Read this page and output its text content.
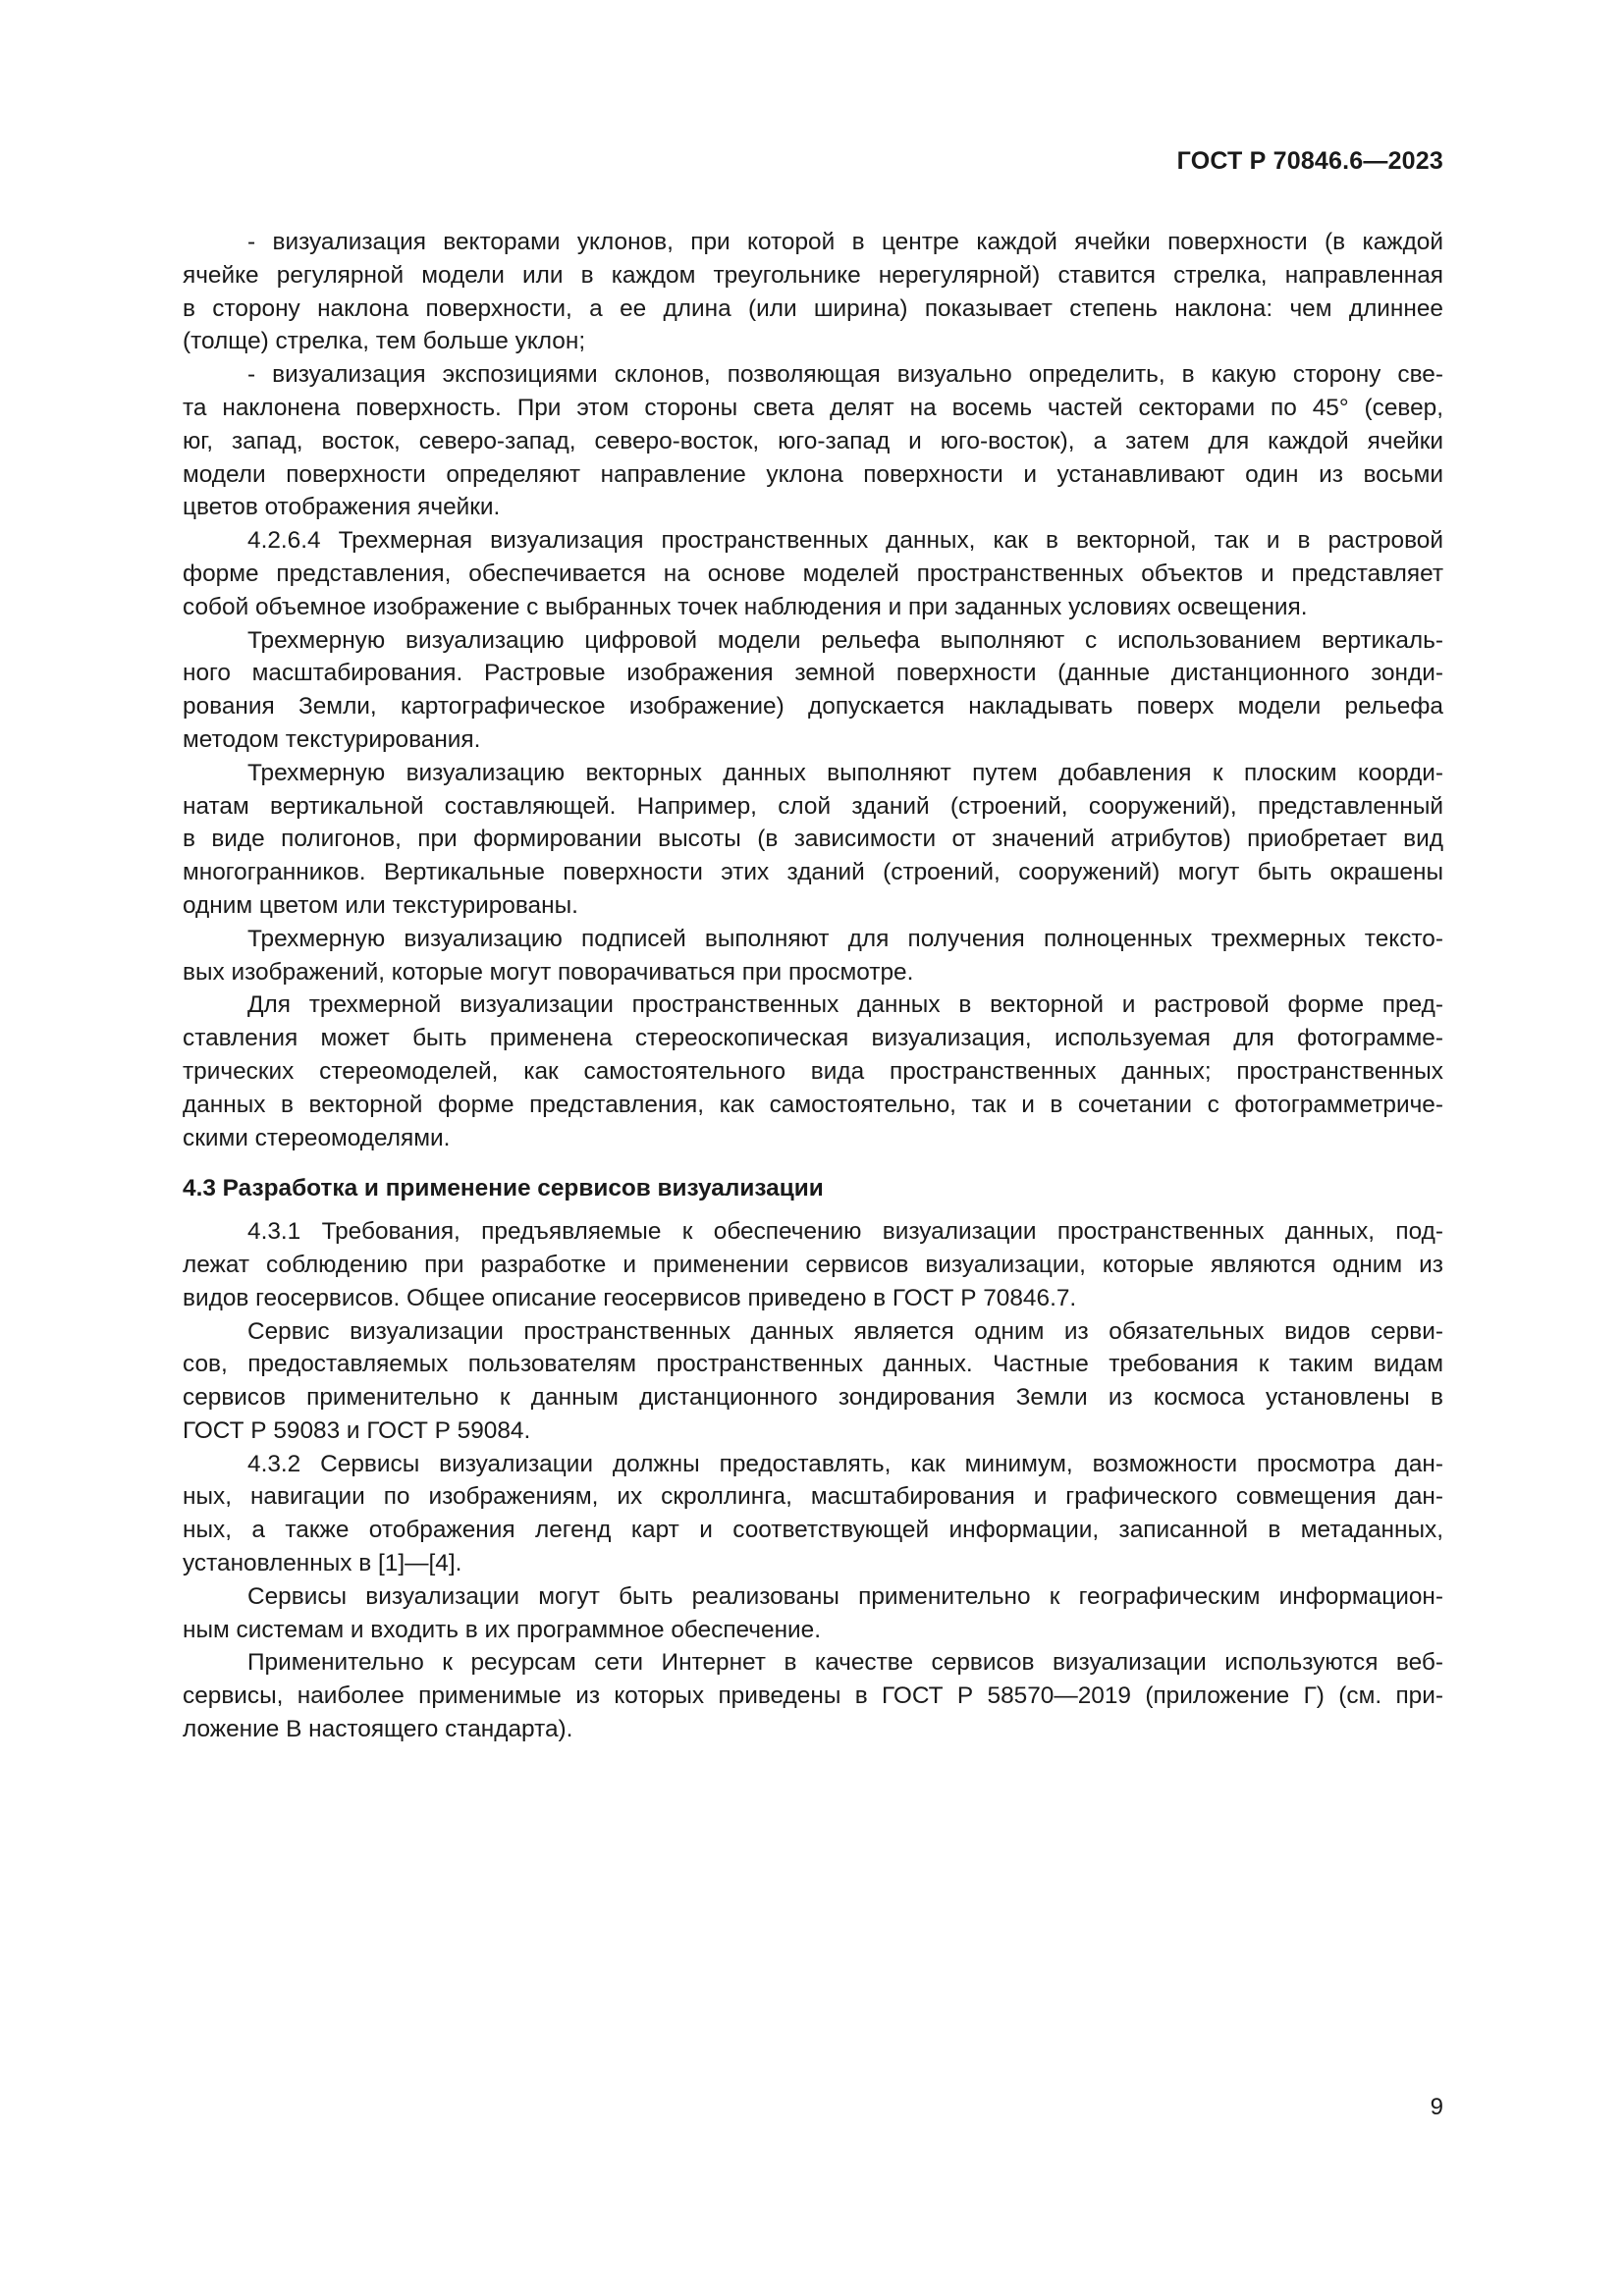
ГОСТ Р 70846.6—2023
- визуализация векторами уклонов, при которой в центре каждой ячейки поверхности (в каждой
ячейке регулярной модели или в каждом треугольнике нерегулярной) ставится стрелка, направленная
в сторону наклона поверхности, а ее длина (или ширина) показывает степень наклона: чем длиннее
(толще) стрелка, тем больше уклон;
- визуализация экспозициями склонов, позволяющая визуально определить, в какую сторону све-
та наклонена поверхность. При этом стороны света делят на восемь частей секторами по 45° (север,
юг, запад, восток, северо-запад, северо-восток, юго-запад и юго-восток), а затем для каждой ячейки
модели поверхности определяют направление уклона поверхности и устанавливают один из восьми
цветов отображения ячейки.
4.2.6.4 Трехмерная визуализация пространственных данных, как в векторной, так и в растровой
форме представления, обеспечивается на основе моделей пространственных объектов и представляет
собой объемное изображение с выбранных точек наблюдения и при заданных условиях освещения.
Трехмерную визуализацию цифровой модели рельефа выполняют с использованием вертикаль-
ного масштабирования. Растровые изображения земной поверхности (данные дистанционного зонди-
рования Земли, картографическое изображение) допускается накладывать поверх модели рельефа
методом текстурирования.
Трехмерную визуализацию векторных данных выполняют путем добавления к плоским коорди-
натам вертикальной составляющей. Например, слой зданий (строений, сооружений), представленный
в виде полигонов, при формировании высоты (в зависимости от значений атрибутов) приобретает вид
многогранников. Вертикальные поверхности этих зданий (строений, сооружений) могут быть окрашены
одним цветом или текстурированы.
Трехмерную визуализацию подписей выполняют для получения полноценных трехмерных тексто-
вых изображений, которые могут поворачиваться при просмотре.
Для трехмерной визуализации пространственных данных в векторной и растровой форме пред-
ставления может быть применена стереоскопическая визуализация, используемая для фотограмме-
трических стереомоделей, как самостоятельного вида пространственных данных; пространственных
данных в векторной форме представления, как самостоятельно, так и в сочетании с фотограмметриче-
скими стереомоделями.
4.3 Разработка и применение сервисов визуализации
4.3.1 Требования, предъявляемые к обеспечению визуализации пространственных данных, под-
лежат соблюдению при разработке и применении сервисов визуализации, которые являются одним из
видов геосервисов. Общее описание геосервисов приведено в ГОСТ Р 70846.7.
Сервис визуализации пространственных данных является одним из обязательных видов серви-
сов, предоставляемых пользователям пространственных данных. Частные требования к таким видам
сервисов применительно к данным дистанционного зондирования Земли из космоса установлены в
ГОСТ Р 59083 и ГОСТ Р 59084.
4.3.2 Сервисы визуализации должны предоставлять, как минимум, возможности просмотра дан-
ных, навигации по изображениям, их скроллинга, масштабирования и графического совмещения дан-
ных, а также отображения легенд карт и соответствующей информации, записанной в метаданных,
установленных в [1]—[4].
Сервисы визуализации могут быть реализованы применительно к географическим информацион-
ным системам и входить в их программное обеспечение.
Применительно к ресурсам сети Интернет в качестве сервисов визуализации используются веб-
сервисы, наиболее применимые из которых приведены в ГОСТ Р 58570—2019 (приложение Г) (см. при-
ложение В настоящего стандарта).
9
